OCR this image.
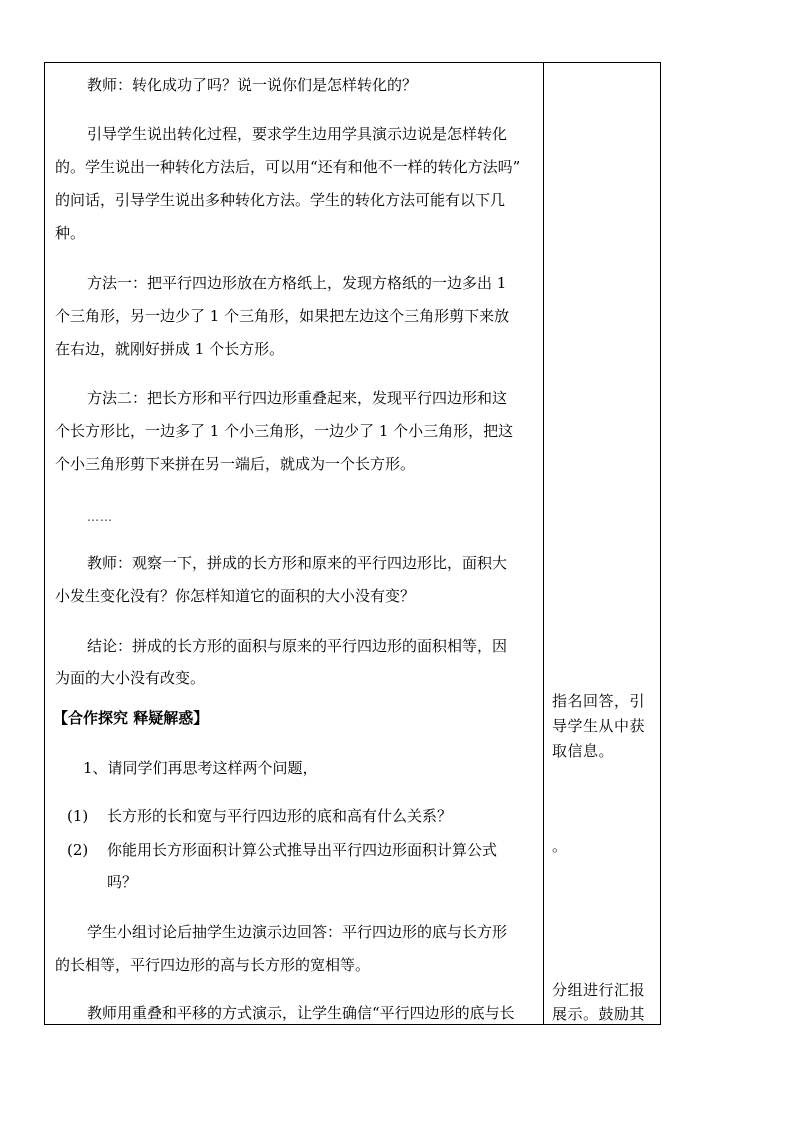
教师：转化成功了吗？说一说你们是怎样转化的？
引导学生说出转化过程，要求学生边用学具演示边说是怎样转化
的。学生说出一种转化方法后，可以用“还有和他不一样的转化方法吗”
的问话，引导学生说出多种转化方法。学生的转化方法可能有以下几
种。
方法一：把平行四边形放在方格纸上，发现方格纸的一边多出 1
个三角形，另一边少了 1 个三角形，如果把左边这个三角形剪下来放
在右边，就刚好拼成 1 个长方形。
方法二：把长方形和平行四边形重叠起来，发现平行四边形和这
个长方形比，一边多了 1 个小三角形，一边少了 1 个小三角形，把这
个小三角形剪下来拼在另一端后，就成为一个长方形。
……
教师：观察一下，拼成的长方形和原来的平行四边形比，面积大
小发生变化没有？你怎样知道它的面积的大小没有变？
结论：拼成的长方形的面积与原来的平行四边形的面积相等，因
为面的大小没有改变。
【合作探究 释疑解惑】
1、请同学们再思考这样两个问题，
(1) 长方形的长和宽与平行四边形的底和高有什么关系？
(2) 你能用长方形面积计算公式推导出平行四边形面积计算公式
吗？
学生小组讨论后抽学生边演示边回答：平行四边形的底与长方形
的长相等，平行四边形的高与长方形的宽相等。
教师用重叠和平移的方式演示，让学生确信“平行四边形的底与长
指名回答，引
导学生从中获
取信息。
。
分组进行汇报
展示。鼓励其
